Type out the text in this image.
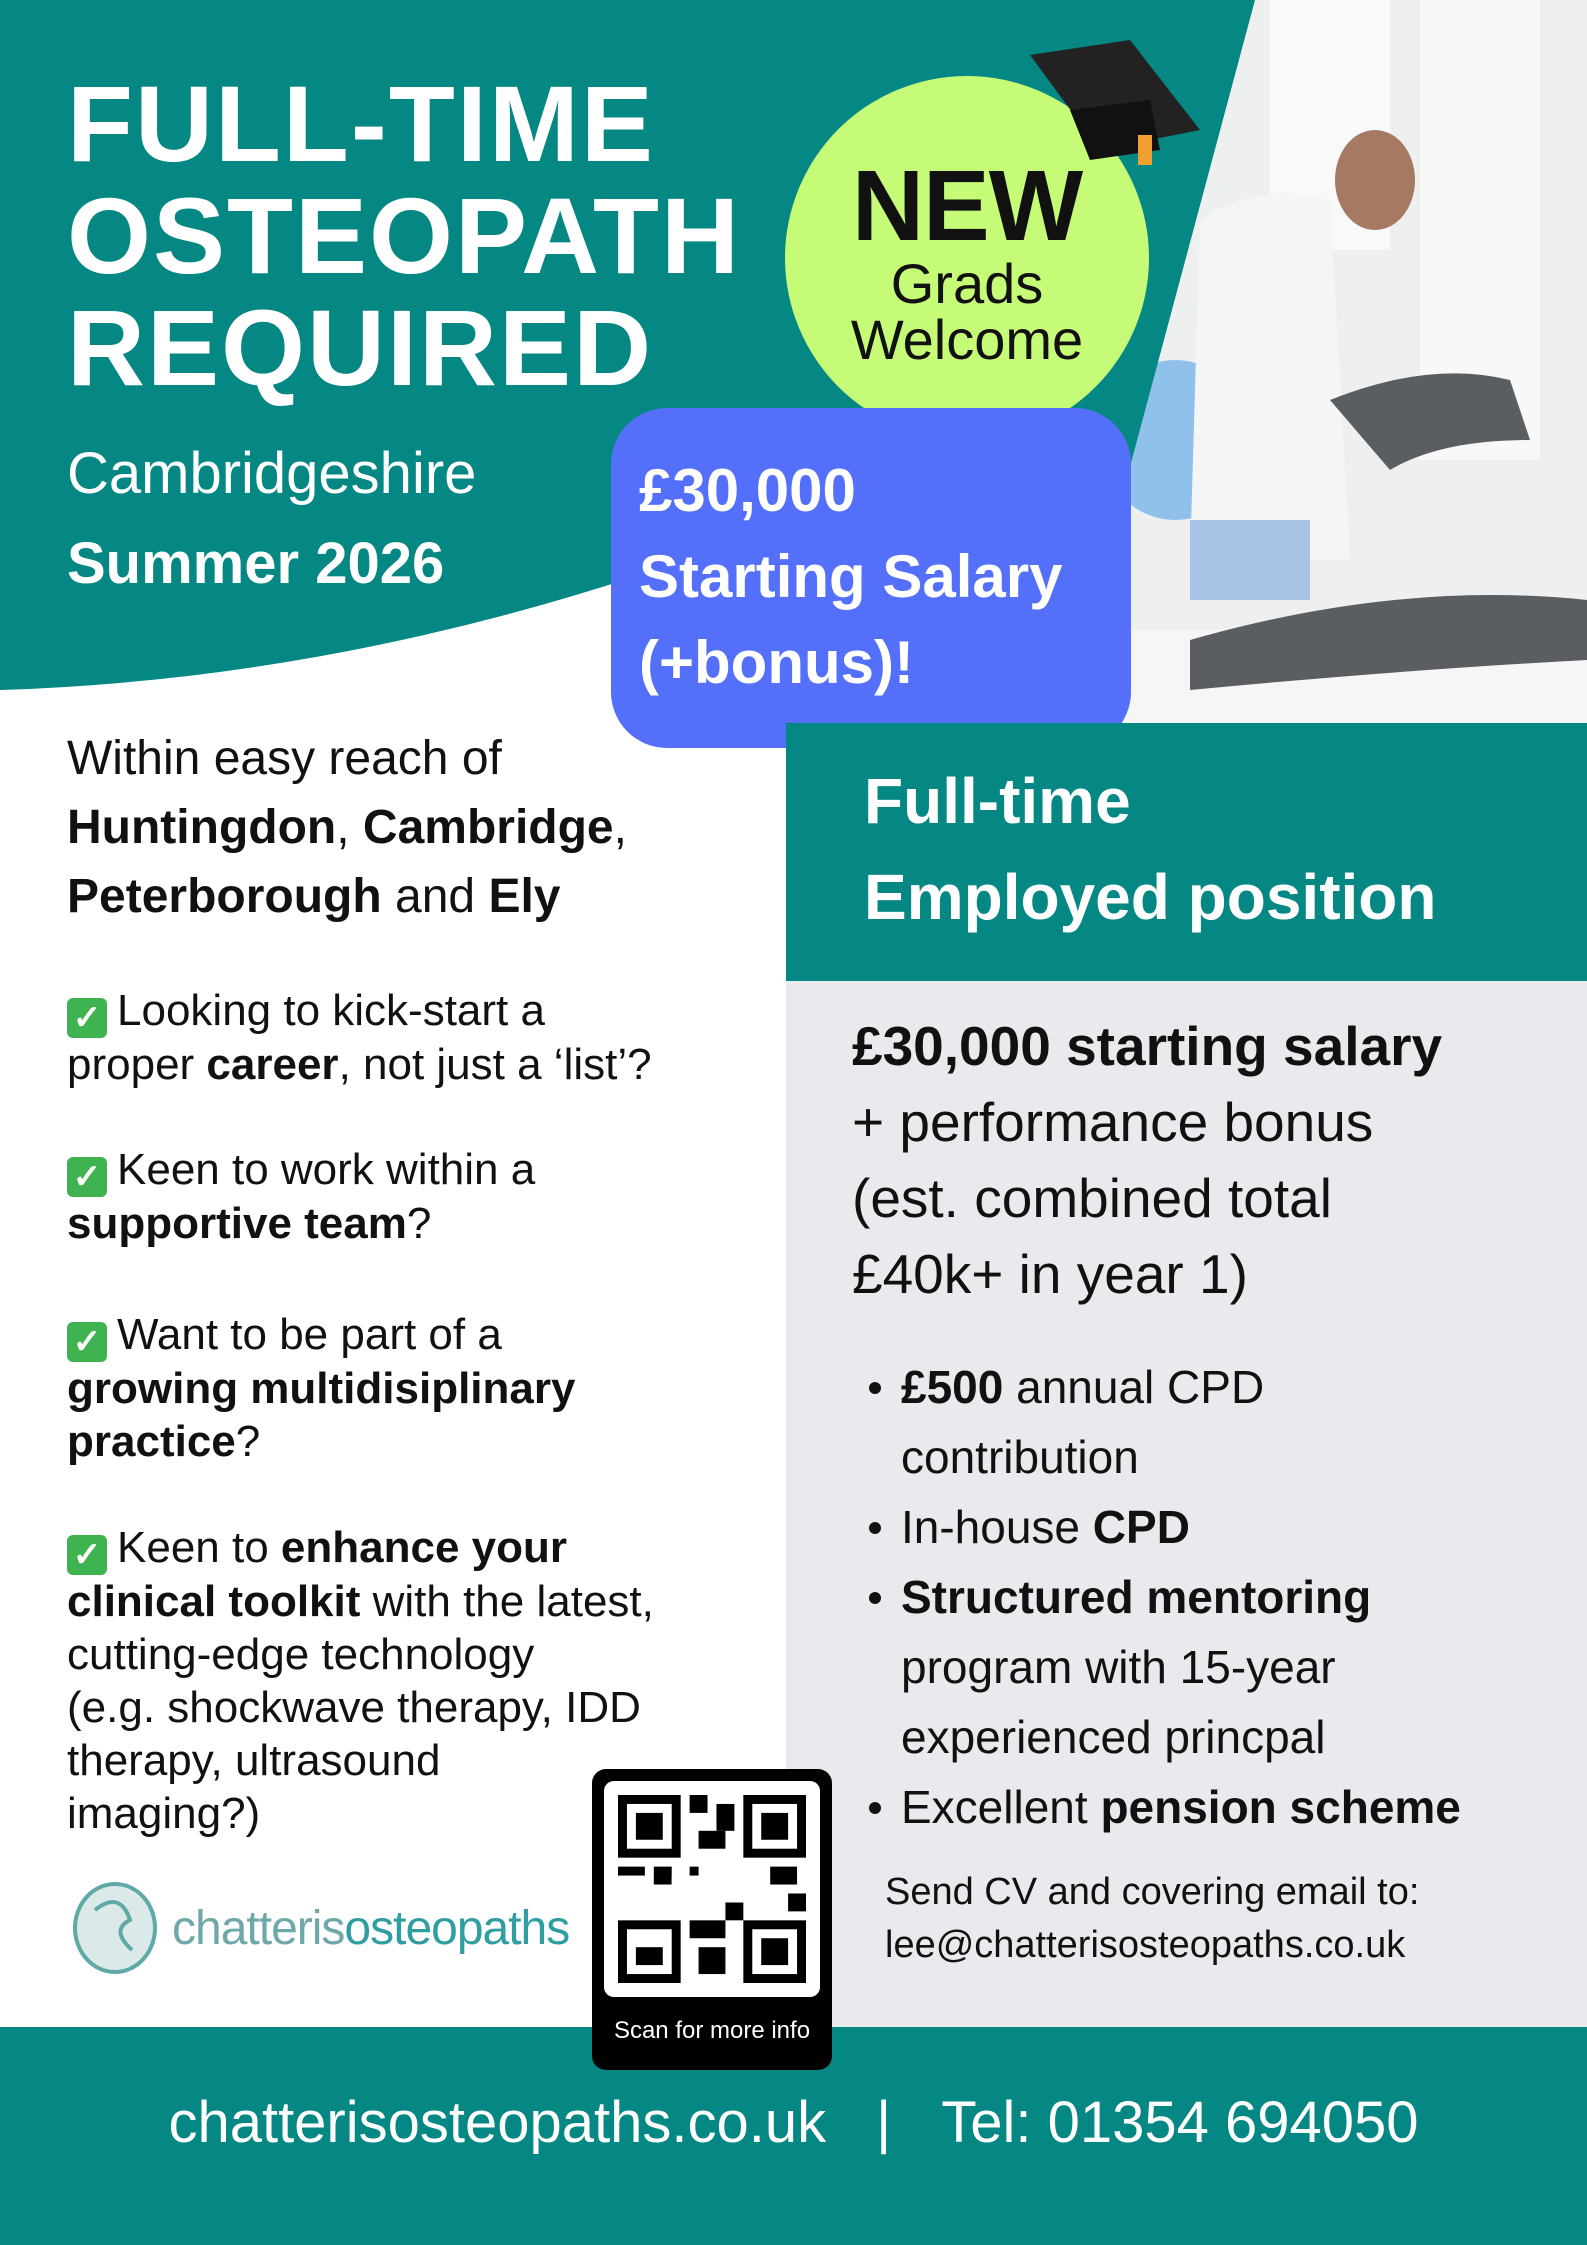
FULL-TIME
OSTEOPATH
REQUIRED
Cambridgeshire
Summer 2026
NEW
Grads
Welcome
£30,000
Starting Salary
(+bonus)!
Full-time
Employed position
£30,000 starting salary
+ performance bonus
(est. combined total
£40k+ in year 1)
£500 annual CPD
contribution
In-house CPD
Structured mentoring
program with 15-year
experienced princpal
Excellent pension scheme
Send CV and covering email to:
lee@chatterisosteopaths.co.uk
Within easy reach of
Huntingdon, Cambridge,
Peterborough and Ely
✓ Looking to kick-start a
proper career, not just a ‘list’?
✓ Keen to work within a
supportive team?
✓ Want to be part of a
growing multidisiplinary
practice?
✓ Keen to enhance your
clinical toolkit with the latest,
cutting-edge technology
(e.g. shockwave therapy, IDD
therapy, ultrasound
imaging?)
chatterisosteopaths
chatterisosteopaths.co.uk | Tel: 01354 694050
Scan for more info
